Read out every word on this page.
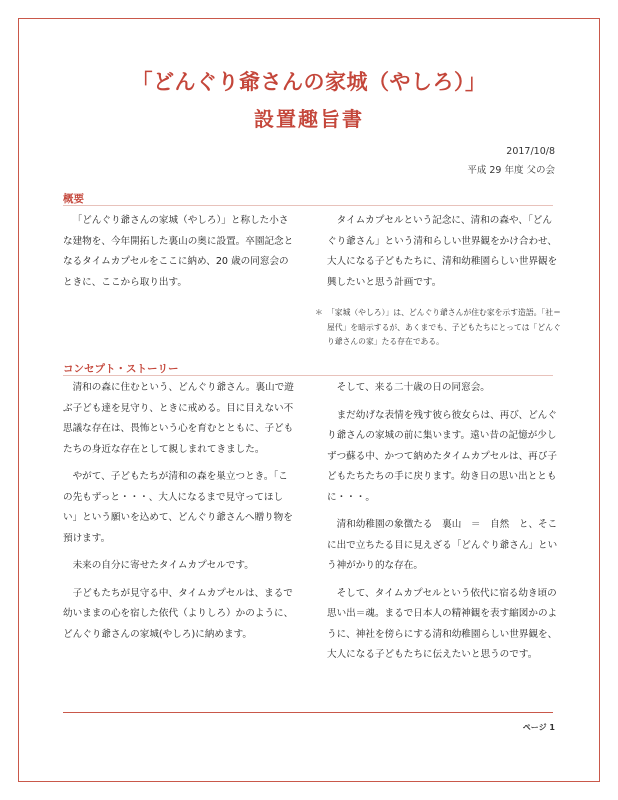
「どんぐり爺さんの家城（やしろ）」
設置趣旨書
2017/10/8
平成 29 年度 父の会
概要

「どんぐり爺さんの家城（やしろ）」と称した小さな建物を、今年開拓した裏山の奥に設置。卒園記念となるタイムカプセルをここに納め、20 歳の同窓会のときに、ここから取り出す。

タイムカプセルという記念に、清和の森や、「どんぐり爺さん」という清和らしい世界観をかけ合わせ、大人になる子どもたちに、清和幼稚園らしい世界観を興したいと思う計画です。

＊ 「家城（やしろ）」は、どんぐり爺さんが住む家を示す造語。「社＝屋代」を暗示するが、あくまでも、子どもたちにとっては「どんぐり爺さんの家」たる存在である。
コンセプト・ストーリー

清和の森に住むという、どんぐり爺さん。裏山で遊ぶ子ども達を見守り、ときに戒める。目に目えない不思議な存在は、畏怖という心を育むとともに、子どもたちの身近な存在として親しまれてきました。

やがて、子どもたちが清和の森を巣立つとき。「この先もずっと・・・、大人になるまで見守ってほしい」という願いを込めて、どんぐり爺さんへ贈り物を預けます。

未来の自分に寄せたタイムカプセルです。

子どもたちが見守る中、タイムカプセルは、まるで幼いままの心を宿した依代（よりしろ）かのように、どんぐり爺さんの家城(やしろ)に納めます。

そして、来る二十歳の日の同窓会。

まだ幼げな表情を残す彼ら彼女らは、再び、どんぐり爺さんの家城の前に集います。遠い昔の記憶が少しずつ蘇る中、かつて納めたタイムカプセルは、再び子どもたちたちの手に戻ります。幼き日の思い出とともに・・・。

清和幼稚園の象徴たる　裏山　＝　自然　と、そこに出で立ちたる目に見えざる「どんぐり爺さん」という神がかり的な存在。

そして、タイムカプセルという依代に宿る幼き頃の思い出＝魂。まるで日本人の精神観を表す縮図かのように、神社を傍らにする清和幼稚園らしい世界観を、大人になる子どもたちに伝えたいと思うのです。

ページ 1
